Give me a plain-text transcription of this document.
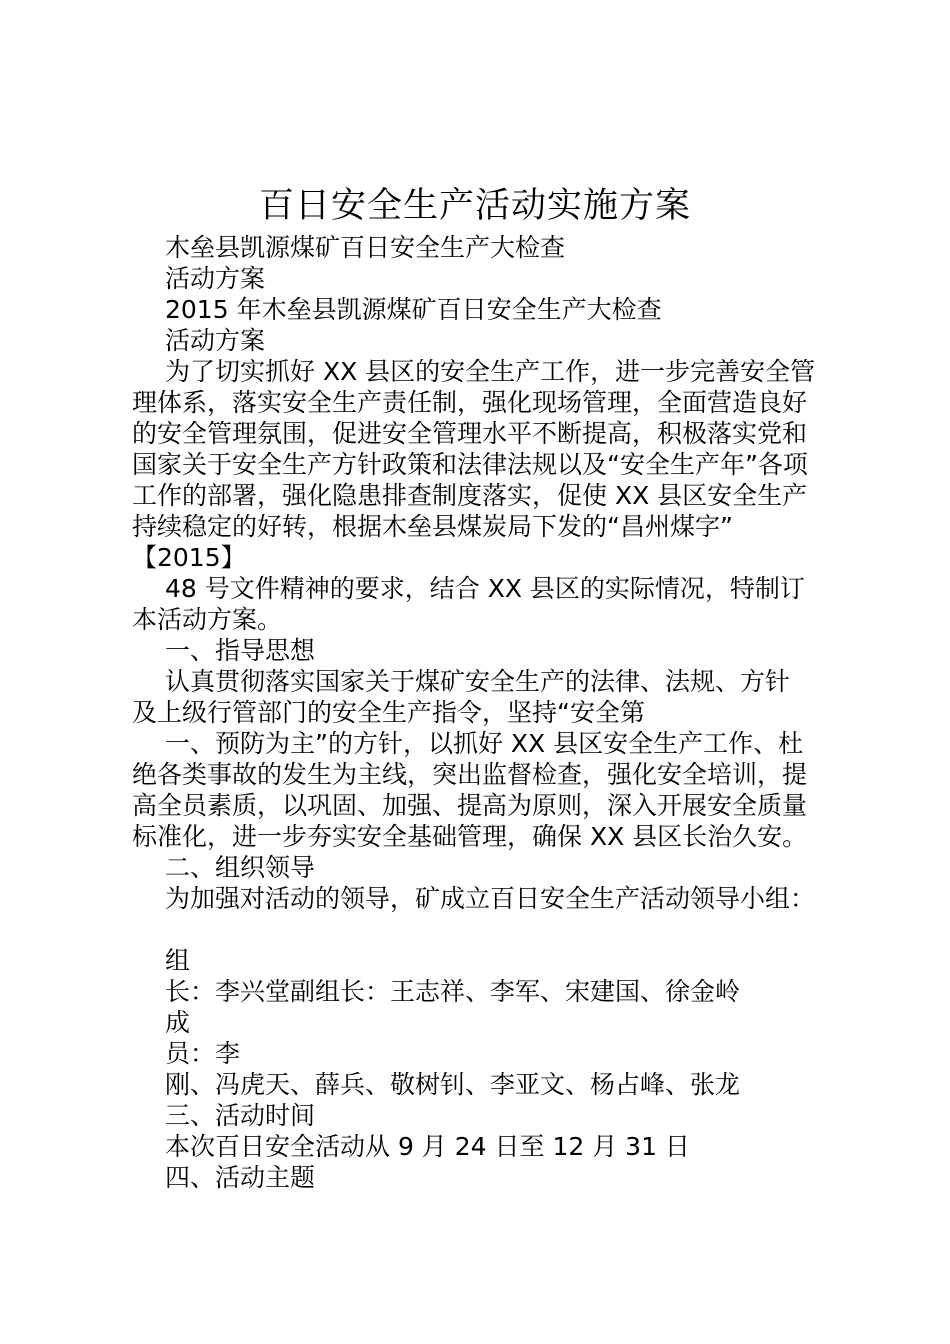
百日安全生产活动实施方案

木垒县凯源煤矿百日安全生产大检查

活动方案

2015 年木垒县凯源煤矿百日安全生产大检查

活动方案

为了切实抓好 XX 县区的安全生产工作，进一步完善安全管

理体系，落实安全生产责任制，强化现场管理，全面营造良好

的安全管理氛围，促进安全管理水平不断提高，积极落实党和

国家关于安全生产方针政策和法律法规以及“安全生产年”各项

工作的部署，强化隐患排查制度落实，促使 XX 县区安全生产

持续稳定的好转，根据木垒县煤炭局下发的“昌州煤字”

【2015】

48 号文件精神的要求，结合 XX 县区的实际情况，特制订

本活动方案。

一、指导思想

认真贯彻落实国家关于煤矿安全生产的法律、法规、方针

及上级行管部门的安全生产指令，坚持“安全第

一、预防为主”的方针，以抓好 XX 县区安全生产工作、杜

绝各类事故的发生为主线，突出监督检查，强化安全培训，提

高全员素质，以巩固、加强、提高为原则，深入开展安全质量

标准化，进一步夯实安全基础管理，确保 XX 县区长治久安。

二、组织领导

为加强对活动的领导，矿成立百日安全生产活动领导小组：

组

长：李兴堂副组长：王志祥、李军、宋建国、徐金岭

成

员：李

刚、冯虎天、薛兵、敬树钊、李亚文、杨占峰、张龙

三、活动时间

本次百日安全活动从 9 月 24 日至 12 月 31 日

四、活动主题
